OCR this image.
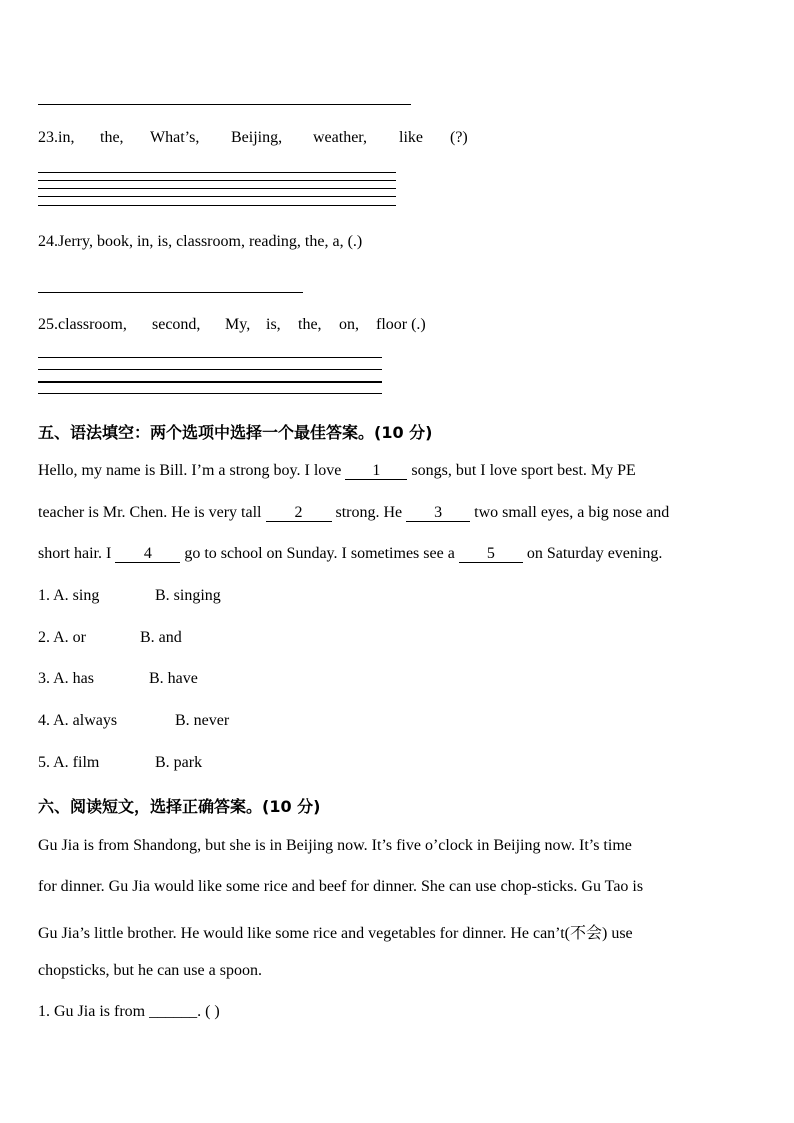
23.in, the, What’s, Beijing, weather, like (?)
24.Jerry, book, in, is, classroom, reading, the, a, (.)
25.classroom, second, My, is, the, on, floor (.)
五、语法填空：两个选项中选择一个最佳答案。(10 分)
Hello, my name is Bill. I’m a strong boy. I love 1 songs, but I love sport best. My PE
teacher is Mr. Chen. He is very tall 2 strong. He 3 two small eyes, a big nose and
short hair. I 4 go to school on Sunday. I sometimes see a 5 on Saturday evening.
1. A. sing	B. singing
2. A. or	B. and
3. A. has	B. have
4. A. always	B. never
5. A. film	B. park
六、阅读短文，选择正确答案。(10 分)
Gu Jia is from Shandong, but she is in Beijing now. It’s five o’clock in Beijing now. It’s time
for dinner. Gu Jia would like some rice and beef for dinner. She can use chop-sticks. Gu Tao is
Gu Jia’s little brother. He would like some rice and vegetables for dinner. He can’t(不会) use
chopsticks, but he can use a spoon.
1. Gu Jia is from ______. ( )
